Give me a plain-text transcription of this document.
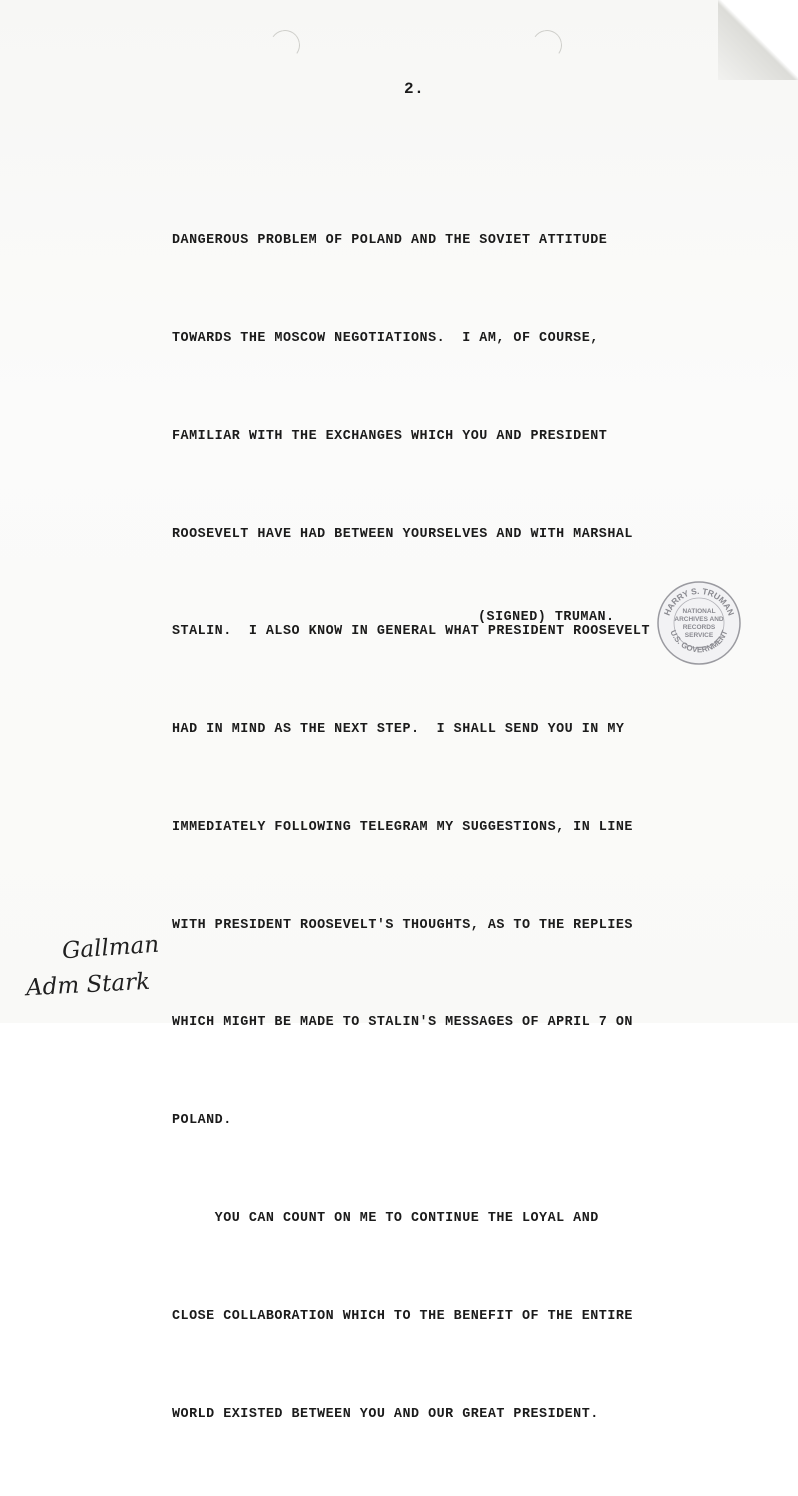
2.

DANGEROUS PROBLEM OF POLAND AND THE SOVIET ATTITUDE

TOWARDS THE MOSCOW NEGOTIATIONS.  I AM, OF COURSE,

FAMILIAR WITH THE EXCHANGES WHICH YOU AND PRESIDENT

ROOSEVELT HAVE HAD BETWEEN YOURSELVES AND WITH MARSHAL

STALIN.  I ALSO KNOW IN GENERAL WHAT PRESIDENT ROOSEVELT

HAD IN MIND AS THE NEXT STEP.  I SHALL SEND YOU IN MY

IMMEDIATELY FOLLOWING TELEGRAM MY SUGGESTIONS, IN LINE

WITH PRESIDENT ROOSEVELT'S THOUGHTS, AS TO THE REPLIES

WHICH MIGHT BE MADE TO STALIN'S MESSAGES OF APRIL 7 ON

POLAND.

YOU CAN COUNT ON ME TO CONTINUE THE LOYAL AND

CLOSE COLLABORATION WHICH TO THE BENEFIT OF THE ENTIRE

WORLD EXISTED BETWEEN YOU AND OUR GREAT PRESIDENT.

(SIGNED) TRUMAN.	HARRY S. TRUMAN
U.S. GOVERNMENT
NATIONAL
ARCHIVES AND
RECORDS
SERVICE
Gallman
Adm Stark
